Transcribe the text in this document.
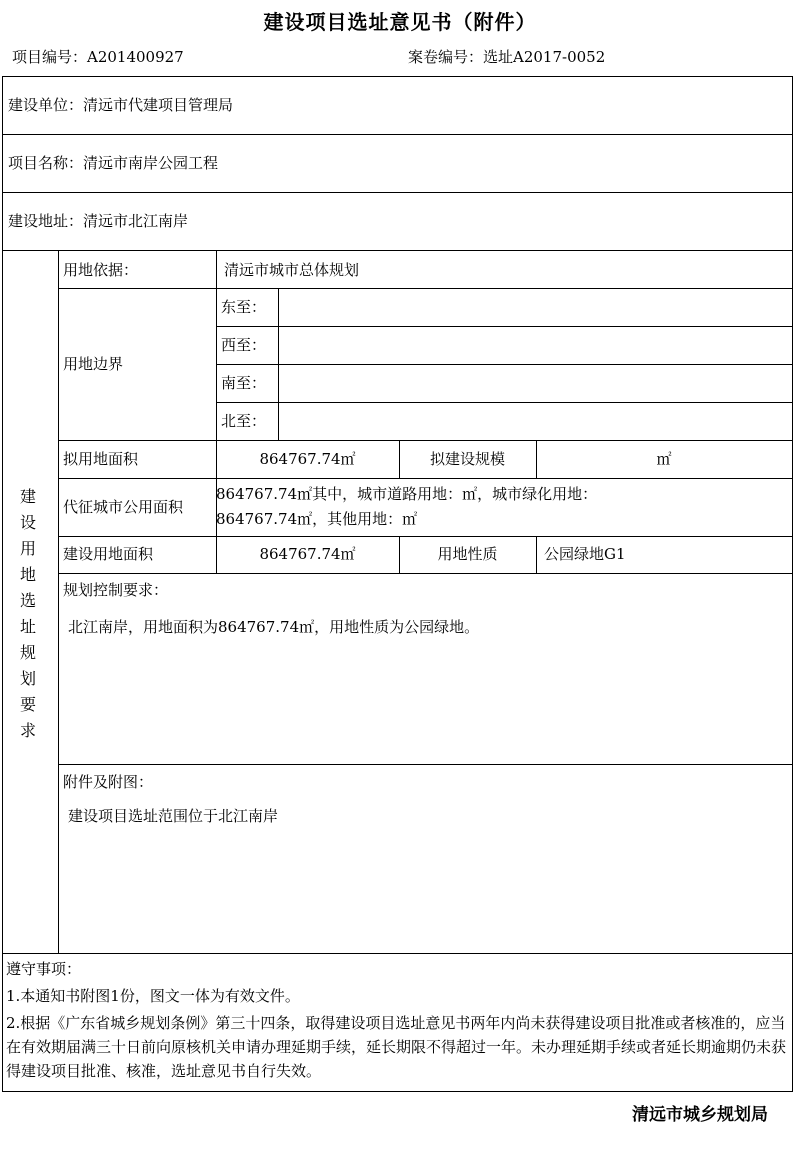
建设项目选址意见书（附件）
项目编号：A201400927	案卷编号：选址A2017-0052
建设单位：清远市代建项目管理局
项目名称：清远市南岸公园工程
建设地址：清远市北江南岸
用地依据：	清远市城市总体规划
用地边界
东至：
西至：
南至：
北至：
拟用地面积	864767.74㎡	拟建设规模	㎡
代征城市公用面积
864767.74㎡其中，城市道路用地：㎡，城市绿化用地：
864767.74㎡，其他用地：㎡
建设用地面积	864767.74㎡	用地性质	公园绿地G1
规划控制要求：
北江南岸，用地面积为864767.74㎡，用地性质为公园绿地。
附件及附图：
建设项目选址范围位于北江南岸
遵守事项：
1.本通知书附图1份，图文一体为有效文件。
2.根据《广东省城乡规划条例》第三十四条，取得建设项目选址意见书两年内尚未获得建设项目批准或者核准的，应当在有效期届满三十日前向原核机关申请办理延期手续，延长期限不得超过一年。未办理延期手续或者延长期逾期仍未获得建设项目批准、核准，选址意见书自行失效。
建
设
用
地
选
址
规
划
要
求
清远市城乡规划局
